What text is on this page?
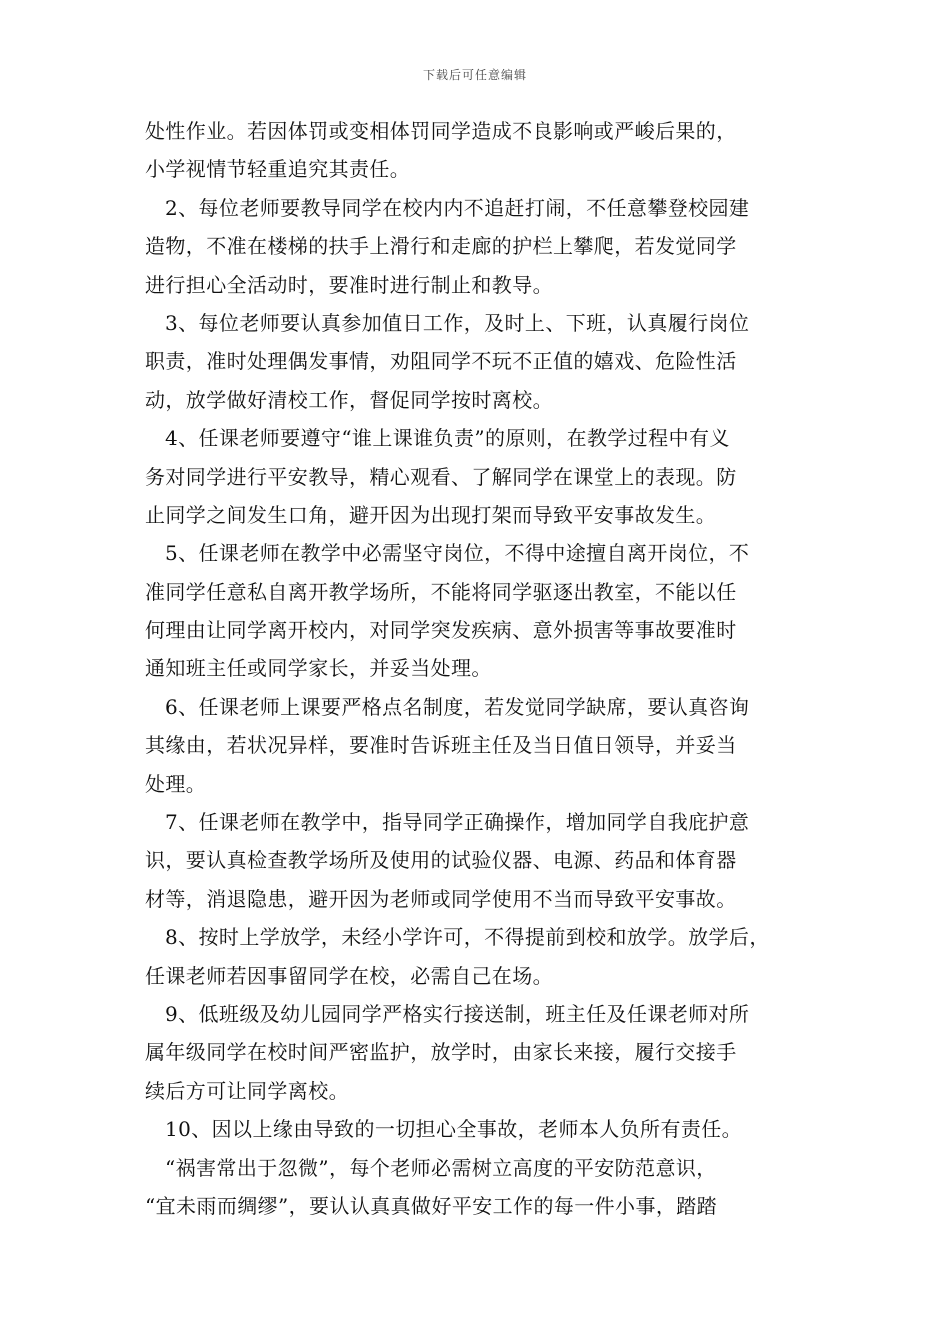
下载后可任意编辑
处性作业。若因体罚或变相体罚同学造成不良影响或严峻后果的，
小学视情节轻重追究其责任。
2、每位老师要教导同学在校内内不追赶打闹，不任意攀登校园建
造物，不准在楼梯的扶手上滑行和走廊的护栏上攀爬，若发觉同学
进行担心全活动时，要准时进行制止和教导。
3、每位老师要认真参加值日工作，及时上、下班，认真履行岗位
职责，准时处理偶发事情，劝阻同学不玩不正值的嬉戏、危险性活
动，放学做好清校工作，督促同学按时离校。
4、任课老师要遵守“谁上课谁负责”的原则，在教学过程中有义
务对同学进行平安教导，精心观看、了解同学在课堂上的表现。防
止同学之间发生口角，避开因为出现打架而导致平安事故发生。
5、任课老师在教学中必需坚守岗位，不得中途擅自离开岗位，不
准同学任意私自离开教学场所，不能将同学驱逐出教室，不能以任
何理由让同学离开校内，对同学突发疾病、意外损害等事故要准时
通知班主任或同学家长，并妥当处理。
6、任课老师上课要严格点名制度，若发觉同学缺席，要认真咨询
其缘由，若状况异样，要准时告诉班主任及当日值日领导，并妥当
处理。
7、任课老师在教学中，指导同学正确操作，增加同学自我庇护意
识，要认真检查教学场所及使用的试验仪器、电源、药品和体育器
材等，消退隐患，避开因为老师或同学使用不当而导致平安事故。
8、按时上学放学，未经小学许可，不得提前到校和放学。放学后，
任课老师若因事留同学在校，必需自己在场。
9、低班级及幼儿园同学严格实行接送制，班主任及任课老师对所
属年级同学在校时间严密监护，放学时，由家长来接，履行交接手
续后方可让同学离校。
10、因以上缘由导致的一切担心全事故，老师本人负所有责任。
“祸害常出于忽微”，每个老师必需树立高度的平安防范意识，
“宜未雨而绸缪”，要认认真真做好平安工作的每一件小事，踏踏
